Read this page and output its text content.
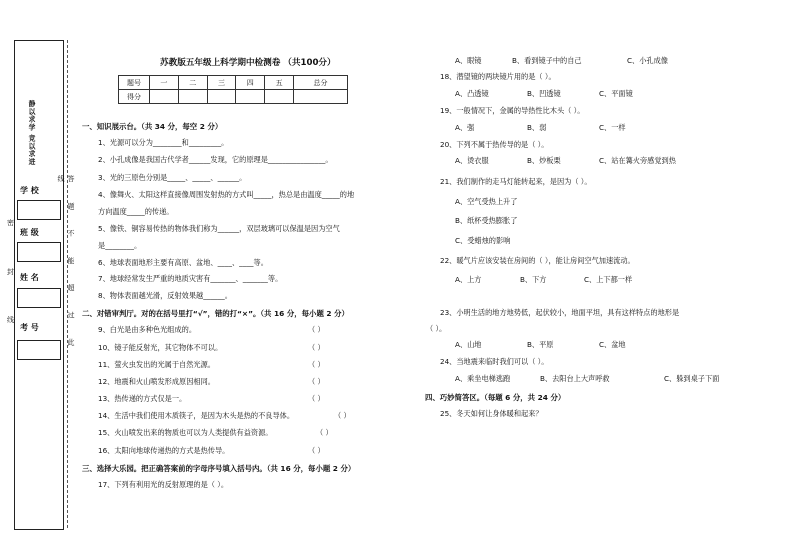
静以求学 竞以求进
答 题 不 能 超 过 此 线
学 校
班 级
姓 名
考 号
密
封
线
苏教版五年级上科学期中检测卷 （共100分）
题号	一	二	三	四	五	总分
得分						
一、知识展示台。（共 34 分，每空 2 分）
1、光源可以分为________和_________。
2、小孔成像是我国古代学者______发现，它的原理是________________。
3、光的三原色分别是_____、_____、______。
4、像舞火、太阳这样直接像周围发射热的方式叫_____，热总是由温度_____的地
方向温度_____的传递。
5、像铁、铜容易传热的物体我们称为______，双层玻璃可以保温是因为空气
是________。
6、地球表面地形主要有高原、盆地、____、____等。
7、地球经常发生严重的地质灾害有_______、_______等。
8、物体表面越光滑，反射效果越______。
二、对错审判厅。对的在括号里打“√”，错的打“×”。（共 16 分，每小题 2 分）
9、白光是由多种色光组成的。	（ ）
10、镜子能反射光，其它物体不可以。	（ ）
11、萤火虫发出的光属于自然光源。	（ ）
12、地震和火山喷发形成原因相同。	（ ）
13、热传递的方式仅是一。	（ ）
14、生活中我们使用木质筷子，是因为木头是热的不良导体。	（ ）
15、火山喷发出来的物质也可以为人类提供有益资源。	（ ）
16、太阳向地球传递热的方式是热传导。	（ ）
三、选择大乐园。把正确答案前的字母序号填入括号内。（共 16 分，每小题 2 分）
17、下列有利用光的反射原理的是（ ）。
A、眼镜	B、看到镜子中的自己	C、小孔成像
18、潜望镜的两块镜片用的是（ ）。
A、凸透镜	B、凹透镜	C、平面镜
19、一般情况下，金属的导热性比木头（ ）。
A、强	B、弱	C、一样
20、下列不属于热传导的是（ ）。
A、烫衣服	B、炒板栗	C、站在篝火旁感觉到热
21、我们制作的走马灯能转起来，是因为（ ）。
A、空气受热上升了
B、纸杯受热膨胀了
C、受蜡烛的影响
22、暖气片应该安装在房间的（ ），能让房间空气加速流动。
A、上方	B、下方	C、上下都一样
23、小明生活的地方地势低，起伏较小，地面平坦，具有这样特点的地形是
（ ）。
A、山地	B、平原	C、盆地
24、当地震来临时我们可以（ ）。
A、乘坐电梯逃跑	B、去阳台上大声呼救	C、躲到桌子下面
四、巧妙简答区。（每题 6 分，共 24 分）
25、冬天如何让身体暖和起来？
